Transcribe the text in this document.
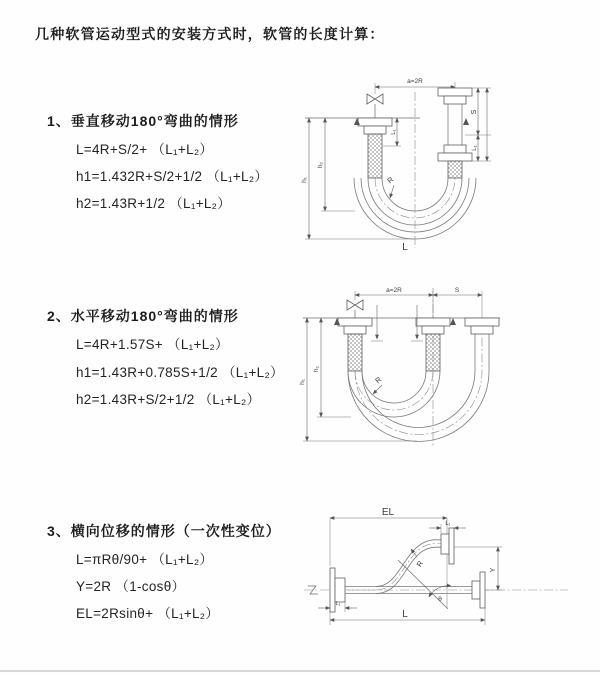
几种软管运动型式的安装方式时，软管的长度计算：
1、垂直移动180°弯曲的情形
L=4R+S/2+ （L₁+L₂）
h1=1.432R+S/2+1/2 （L₁+L₂）
h2=1.43R+1/2 （L₁+L₂）
2、水平移动180°弯曲的情形
L=4R+1.57S+ （L₁+L₂）
h1=1.43R+0.785S+1/2 （L₁+L₂）
h2=1.43R+S/2+1/2 （L₁+L₂）
3、横向位移的情形（一次性变位）
L=πRθ/90+ （L₁+L₂）
Y=2R （1-cosθ）
EL=2Rsinθ+ （L₁+L₂）
a=2R
L₁
S
L₁
h₁
h₂
R
L
a=2R	S
h₁
h₂
R
θ
EL
L₁
Y
R
L
L₁
